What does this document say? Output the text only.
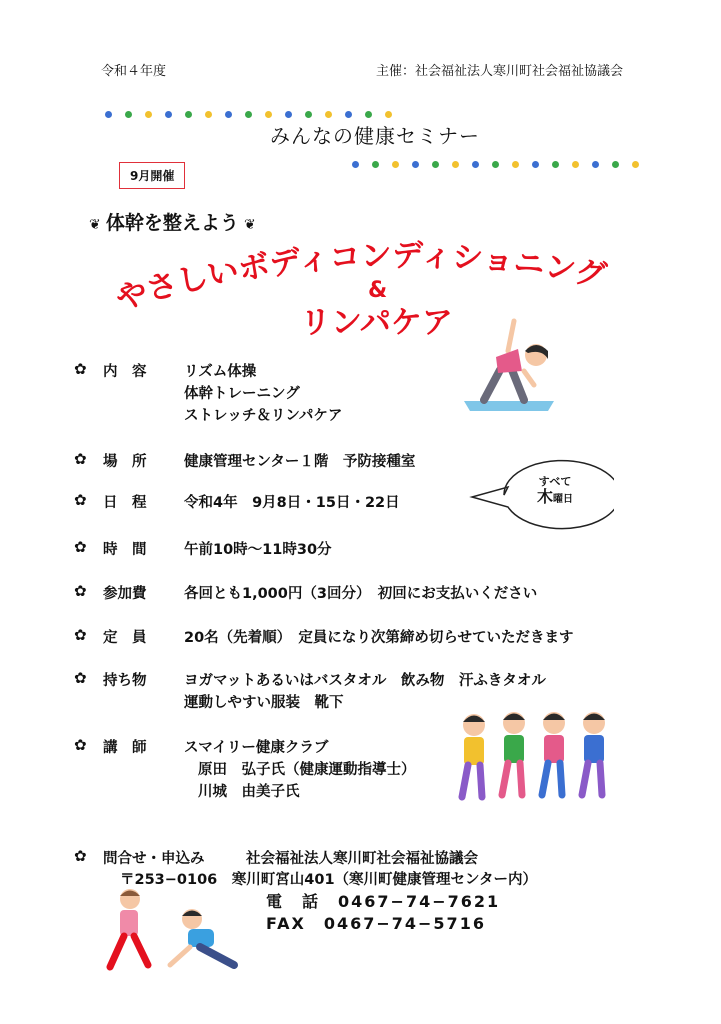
令和４年度	主催：社会福祉法人寒川町社会福祉協議会
みんなの健康セミナー
9月開催
❦ 体幹を整えよう ❦
やさしいボディコンディショニング
&
リンパケア
✿
✿
✿
✿
✿
✿
✿
✿
✿
内　容	リズム体操
体幹トレーニング
ストレッチ＆リンパケア
場　所	健康管理センター１階　予防接種室
日　程	令和4年　9月8日・15日・22日
すべて
木曜日
時　間	午前10時～11時30分
参加費	各回とも1,000円（3回分）　初回にお支払いください
定　員	20名（先着順）　定員になり次第締め切らせていただきます
持ち物	ヨガマットあるいはバスタオル　飲み物　汗ふきタオル
運動しやすい服装　靴下
講　師	スマイリー健康クラブ
原田　弘子氏（健康運動指導士）
川城　由美子氏
問合せ・申込み	社会福祉法人寒川町社会福祉協議会
〒253−0106　寒川町宮山401（寒川町健康管理センター内）
電　話　0467−74−7621
FAX　0467−74−5716
